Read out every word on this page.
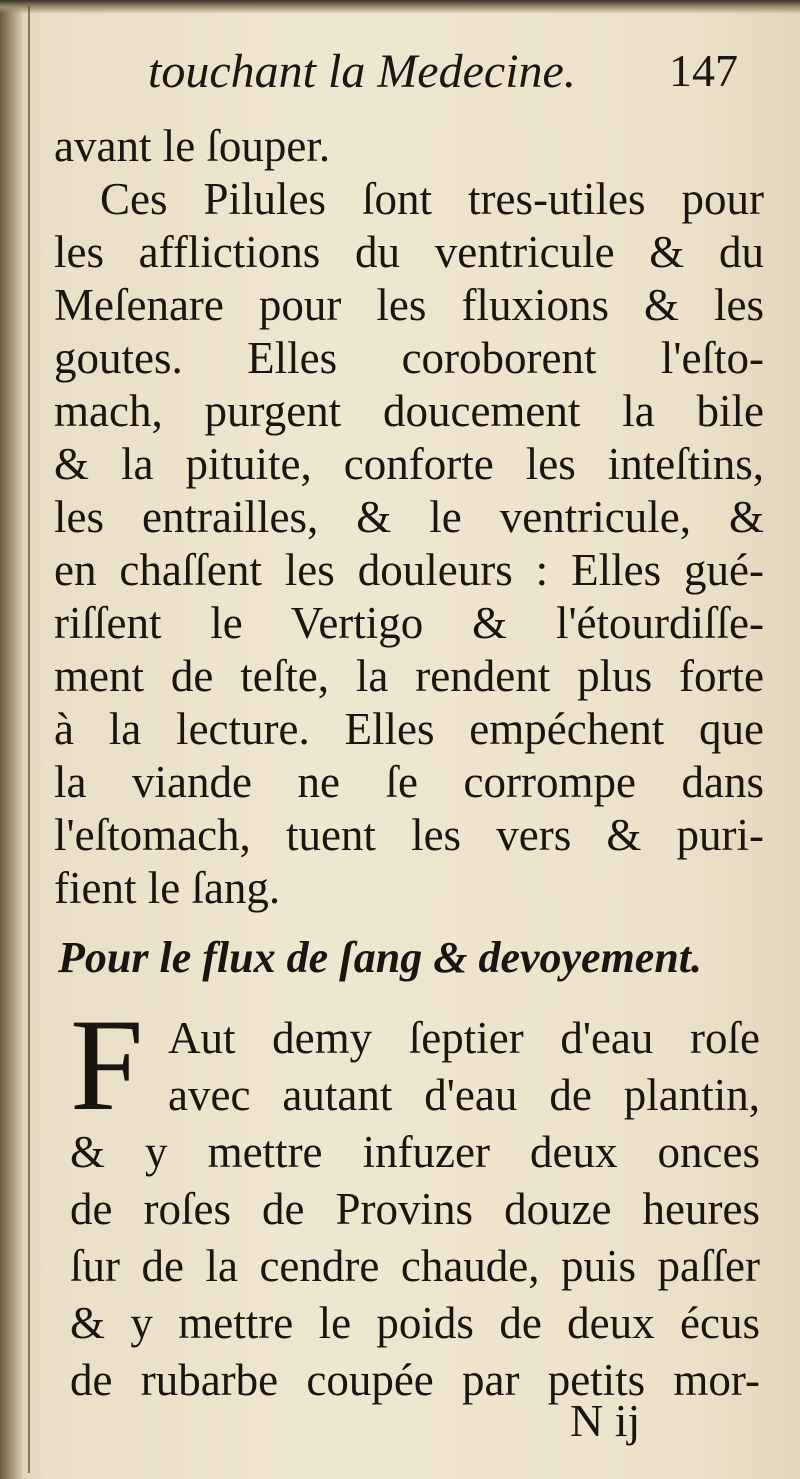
touchant la Medecine. 147
avant le ſouper.
Ces Pilules ſont tres-utiles pour
les afflictions du ventricule & du
Meſenare pour les fluxions & les
goutes. Elles coroborent l'eſto-
mach, purgent doucement la bile
& la pituite, conforte les inteſtins,
les entrailles, & le ventricule, &
en chaſſent les douleurs : Elles gué-
riſſent le Vertigo & l'étourdiſſe-
ment de teſte, la rendent plus forte
à la lecture. Elles empéchent que
la viande ne ſe corrompe dans
l'eſtomach, tuent les vers & puri-
Pour le flux de ſang & devoyement.
F Aut demy ſeptier d'eau roſe
avec autant d'eau de plantin,
& y mettre infuzer deux onces
de roſes de Provins douze heures
ſur de la cendre chaude, puis paſſer
& y mettre le poids de deux écus
de rubarbe coupée par petits mor-
N ij
fient le ſang.
